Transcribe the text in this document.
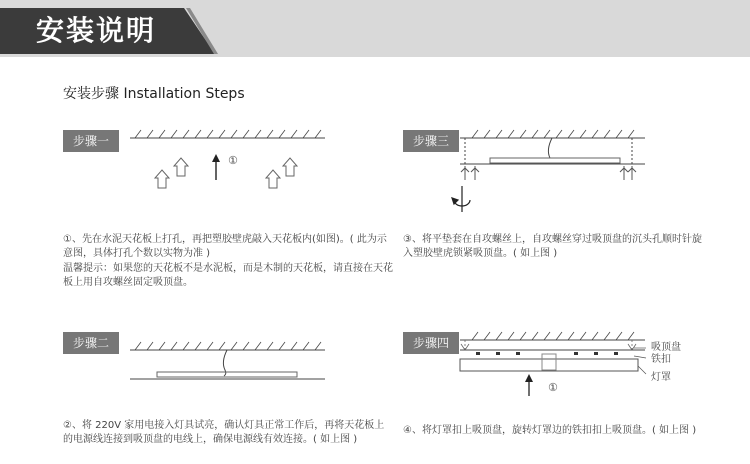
安装说明
安装步骤 Installation Steps
步骤一
①

①、先在水泥天花板上打孔，再把塑胶壁虎敲入天花板内(如图)。( 此为示意图，具体打孔个数以实物为准 )

温馨提示：如果您的天花板不是水泥板，而是木制的天花板，请直接在天花板上用自攻螺丝固定吸顶盘。

步骤二
②、将 220V 家用电接入灯具试亮，确认灯具正常工作后，再将天花板上的电源线连接到吸顶盘的电线上，确保电源线有效连接。( 如上图 )
步骤三
③、将平垫套在自攻螺丝上，自攻螺丝穿过吸顶盘的沉头孔顺时针旋入塑胶壁虎锁紧吸顶盘。( 如上图 )
步骤四
①
吸顶盘
铁扣
灯罩
④、将灯罩扣上吸顶盘，旋转灯罩边的铁扣扣上吸顶盘。( 如上图 )
